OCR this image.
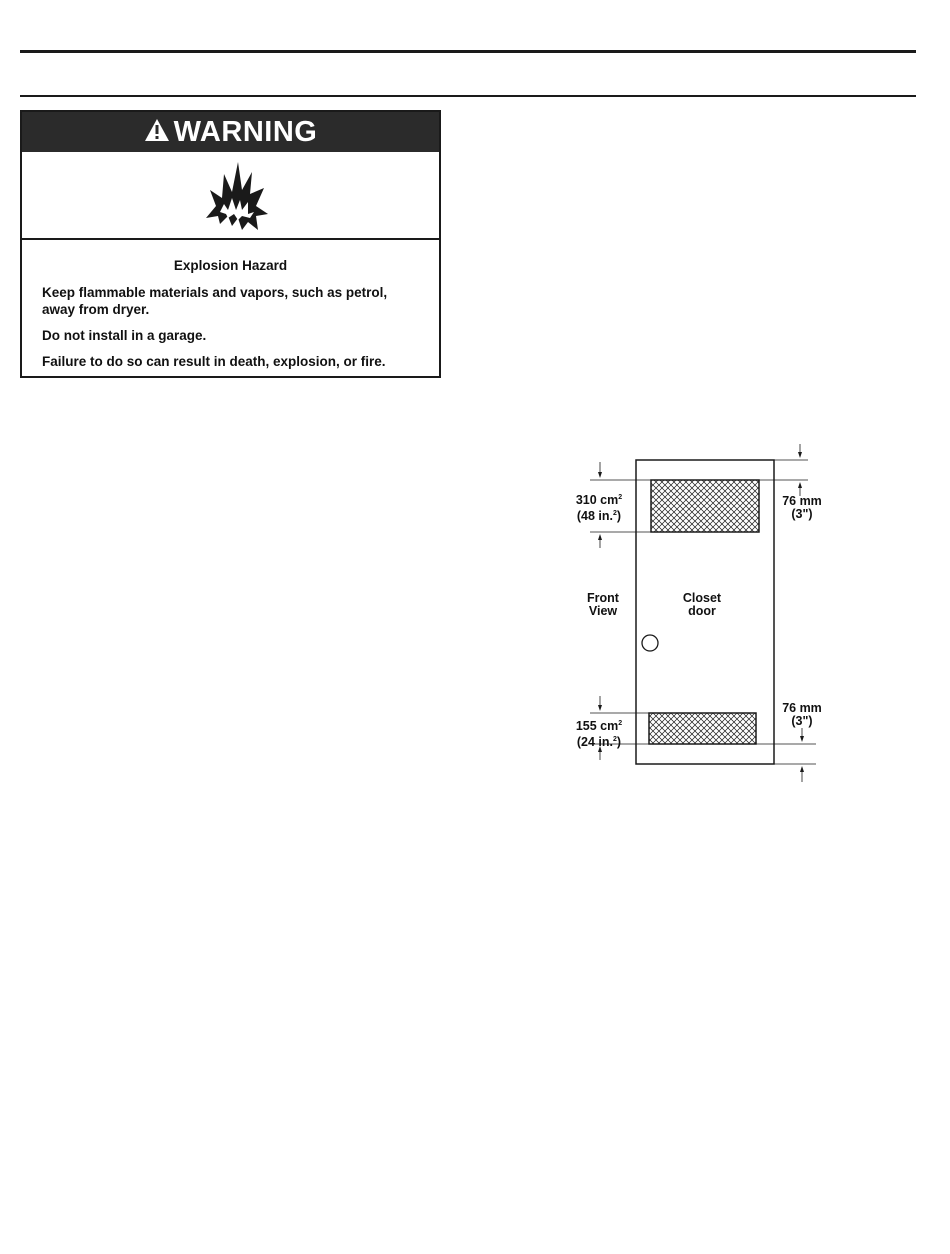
WARNING
Explosion Hazard
Keep flammable materials and vapors, such as petrol, away from dryer.
Do not install in a garage.
Failure to do so can result in death, explosion, or fire.
310 $cm^2$
(48 in.$^2$)
155 $cm^2$
(24 in.$^2$)
Front
View
Closet
door
76 mm
(3")
76 mm
(3")
